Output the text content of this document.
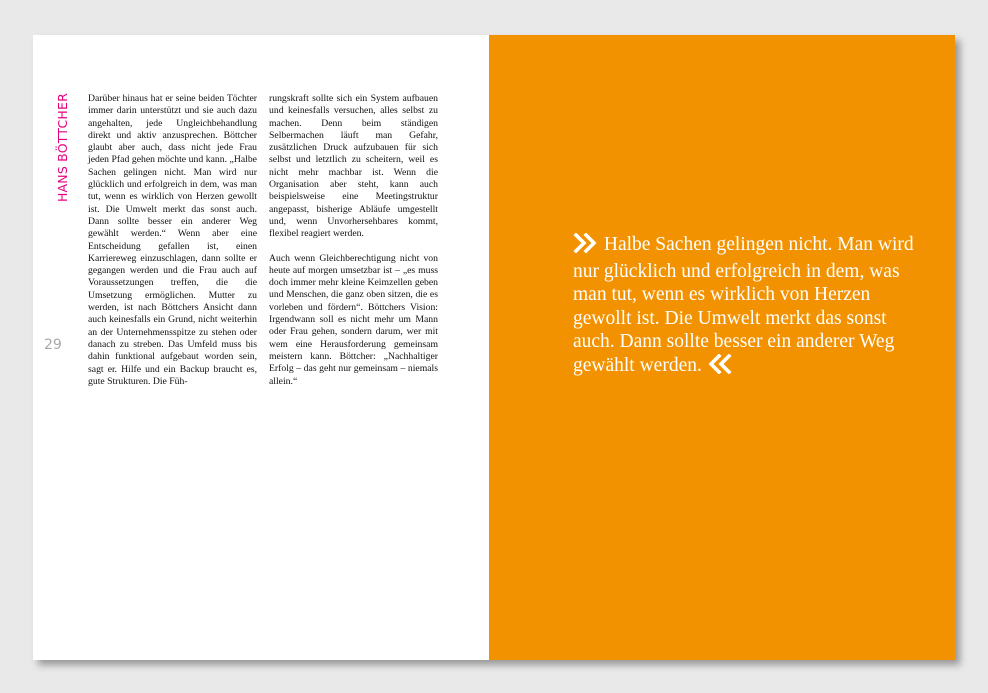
HANS BÖTTCHER
29

Darüber hinaus hat er seine beiden Töchter immer darin unterstützt und sie auch dazu angehalten, jede Ungleichbehandlung direkt und aktiv anzusprechen. Böttcher glaubt aber auch, dass nicht jede Frau jeden Pfad gehen möchte und kann. „Halbe Sachen gelingen nicht. Man wird nur glücklich und erfolgreich in dem, was man tut, wenn es wirklich von Herzen gewollt ist. Die Umwelt merkt das sonst auch. Dann sollte besser ein anderer Weg gewählt werden.“ Wenn aber eine Entscheidung gefallen ist, einen Karriereweg einzuschlagen, dann sollte er gegangen werden und die Frau auch auf Voraussetzungen treffen, die die Umsetzung ermöglichen. Mutter zu werden, ist nach Böttchers Ansicht dann auch keinesfalls ein Grund, nicht weiterhin an der Unternehmensspitze zu stehen oder danach zu streben. Das Umfeld muss bis dahin funktional aufgebaut worden sein, sagt er. Hilfe und ein Backup braucht es, gute Strukturen. Die Füh-

rungskraft sollte sich ein System aufbauen und keinesfalls versuchen, alles selbst zu machen. Denn beim ständigen Selbermachen läuft man Gefahr, zusätzlichen Druck aufzubauen für sich selbst und letztlich zu scheitern, weil es nicht mehr machbar ist. Wenn die Organisation aber steht, kann auch beispielsweise eine Meetingstruktur angepasst, bisherige Abläufe umgestellt und, wenn Unvorhersehbares kommt, flexibel reagiert werden.

Auch wenn Gleichberechtigung nicht von heute auf morgen umsetzbar ist – „es muss doch immer mehr kleine Keimzellen geben und Menschen, die ganz oben sitzen, die es vorleben und fördern“. Böttchers Vision: Irgendwann soll es nicht mehr um Mann oder Frau gehen, sondern darum, wer mit wem eine Herausforderung gemeinsam meistern kann. Böttcher: „Nachhaltiger Erfolg – das geht nur gemeinsam – niemals allein.“

Halbe Sachen gelingen nicht. Man wird nur glücklich und erfolgreich in dem, was man tut, wenn es wirklich von Herzen gewollt ist. Die Umwelt merkt das sonst auch. Dann sollte besser ein anderer Weg gewählt werden.
